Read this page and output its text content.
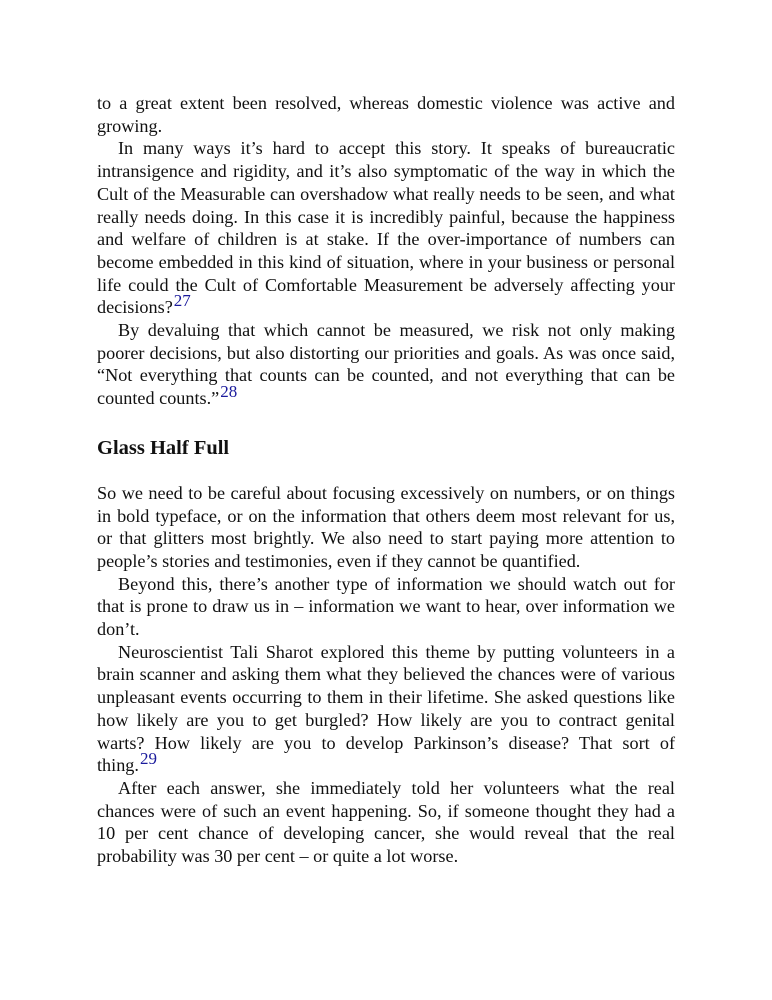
to a great extent been resolved, whereas domestic violence was active and growing.

In many ways it’s hard to accept this story. It speaks of bureaucratic intransigence and rigidity, and it’s also symptomatic of the way in which the Cult of the Measurable can overshadow what really needs to be seen, and what really needs doing. In this case it is incredibly painful, because the happiness and welfare of children is at stake. If the over-importance of numbers can become embedded in this kind of situation, where in your business or personal life could the Cult of Comfortable Measurement be adversely affecting your decisions?27

By devaluing that which cannot be measured, we risk not only making poorer decisions, but also distorting our priorities and goals. As was once said, “Not everything that counts can be counted, and not everything that can be counted counts.”28

Glass Half Full

So we need to be careful about focusing excessively on numbers, or on things in bold typeface, or on the information that others deem most relevant for us, or that glitters most brightly. We also need to start paying more attention to people’s stories and testimonies, even if they cannot be quantified.

Beyond this, there’s another type of information we should watch out for that is prone to draw us in – information we want to hear, over information we don’t.

Neuroscientist Tali Sharot explored this theme by putting volunteers in a brain scanner and asking them what they believed the chances were of various unpleasant events occurring to them in their lifetime. She asked questions like how likely are you to get burgled? How likely are you to contract genital warts? How likely are you to develop Parkinson’s disease? That sort of thing.29

After each answer, she immediately told her volunteers what the real chances were of such an event happening. So, if someone thought they had a 10 per cent chance of developing cancer, she would reveal that the real probability was 30 per cent – or quite a lot worse.
